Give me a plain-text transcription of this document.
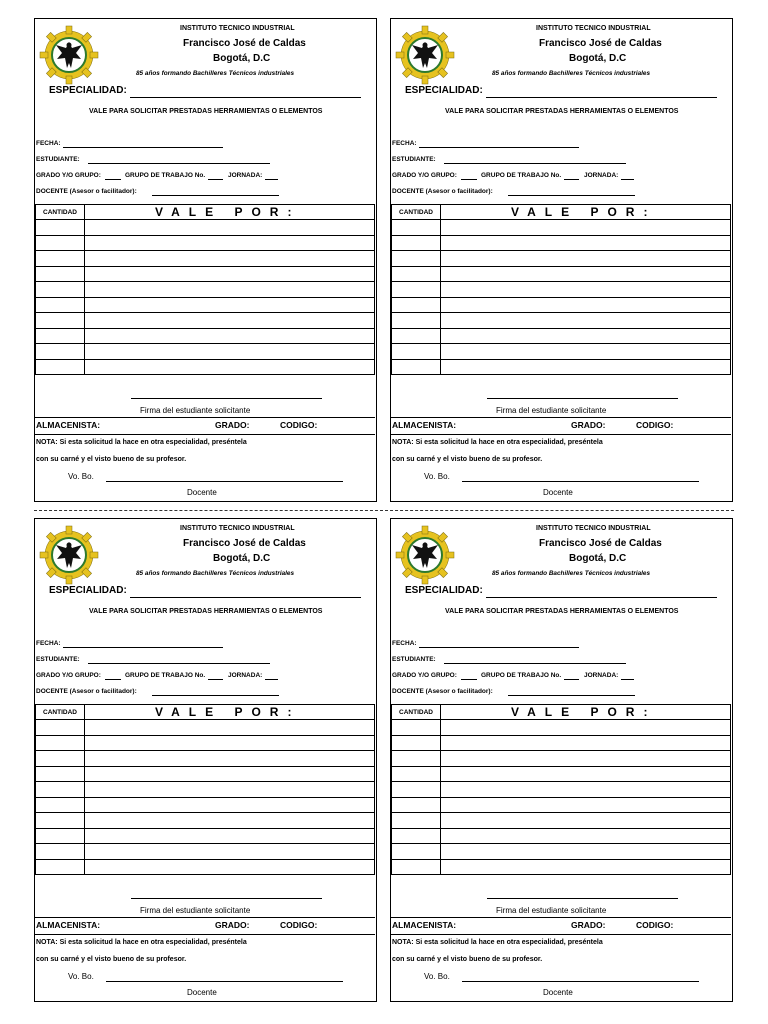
INSTITUTO TECNICO INDUSTRIAL
Francisco José de Caldas
Bogotá, D.C
85 años formando Bachilleres Técnicos industriales
ESPECIALIDAD:
VALE PARA SOLICITAR PRESTADAS HERRAMIENTAS O ELEMENTOS
FECHA:
ESTUDIANTE:
GRADO Y/O GRUPO:	GRUPO DE TRABAJO No.	JORNADA:
DOCENTE (Asesor o facilitador):
CANTIDAD	VALE POR:

Firma del estudiante solicitante
ALMACENISTA:	GRADO:	CODIGO:
NOTA: Si esta solicitud la hace en otra especialidad, preséntela
con su carné y el visto bueno de su profesor.
Vo. Bo.
Docente
INSTITUTO TECNICO INDUSTRIAL
Francisco José de Caldas
Bogotá, D.C
85 años formando Bachilleres Técnicos industriales
ESPECIALIDAD:
VALE PARA SOLICITAR PRESTADAS HERRAMIENTAS O ELEMENTOS
FECHA:
ESTUDIANTE:
GRADO Y/O GRUPO:	GRUPO DE TRABAJO No.	JORNADA:
DOCENTE (Asesor o facilitador):
CANTIDAD	VALE POR:

Firma del estudiante solicitante
ALMACENISTA:	GRADO:	CODIGO:
NOTA: Si esta solicitud la hace en otra especialidad, preséntela
con su carné y el visto bueno de su profesor.
Vo. Bo.
Docente
INSTITUTO TECNICO INDUSTRIAL
Francisco José de Caldas
Bogotá, D.C
85 años formando Bachilleres Técnicos industriales
ESPECIALIDAD:
VALE PARA SOLICITAR PRESTADAS HERRAMIENTAS O ELEMENTOS
FECHA:
ESTUDIANTE:
GRADO Y/O GRUPO:	GRUPO DE TRABAJO No.	JORNADA:
DOCENTE (Asesor o facilitador):
CANTIDAD	VALE POR:

Firma del estudiante solicitante
ALMACENISTA:	GRADO:	CODIGO:
NOTA: Si esta solicitud la hace en otra especialidad, preséntela
con su carné y el visto bueno de su profesor.
Vo. Bo.
Docente
INSTITUTO TECNICO INDUSTRIAL
Francisco José de Caldas
Bogotá, D.C
85 años formando Bachilleres Técnicos industriales
ESPECIALIDAD:
VALE PARA SOLICITAR PRESTADAS HERRAMIENTAS O ELEMENTOS
FECHA:
ESTUDIANTE:
GRADO Y/O GRUPO:	GRUPO DE TRABAJO No.	JORNADA:
DOCENTE (Asesor o facilitador):
CANTIDAD	VALE POR:

Firma del estudiante solicitante
ALMACENISTA:	GRADO:	CODIGO:
NOTA: Si esta solicitud la hace en otra especialidad, preséntela
con su carné y el visto bueno de su profesor.
Vo. Bo.
Docente
